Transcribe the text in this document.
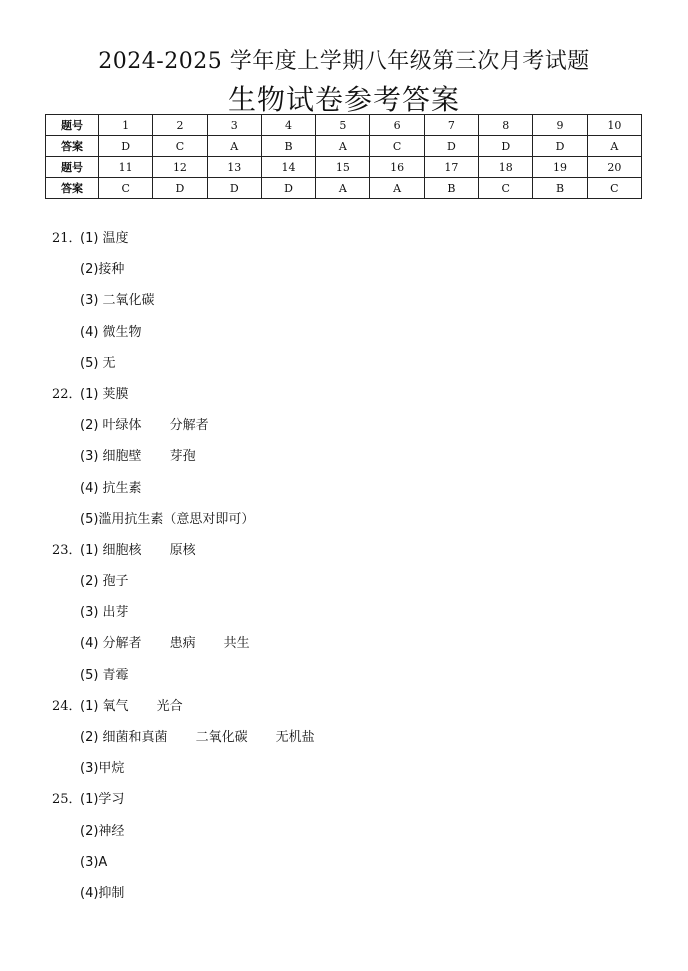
2024-2025 学年度上学期八年级第三次月考试题
生物试卷参考答案
题号	1	2	3	4	5	6	7	8	9	10
答案	D	C	A	B	A	C	D	D	D	A
题号	11	12	13	14	15	16	17	18	19	20
答案	C	D	D	D	A	A	B	C	B	C
21．(1) 温度
(2)接种
(3) 二氧化碳
(4) 微生物
(5) 无
22．(1) 荚膜
(2) 叶绿体 分解者
(3) 细胞壁 芽孢
(4) 抗生素
(5)滥用抗生素（意思对即可）
23．(1) 细胞核 原核
(2) 孢子
(3) 出芽
(4) 分解者 患病 共生
(5) 青霉
24．(1) 氧气 光合
(2) 细菌和真菌 二氧化碳 无机盐
(3)甲烷
25．(1)学习
(2)神经
(3)A
(4)抑制
